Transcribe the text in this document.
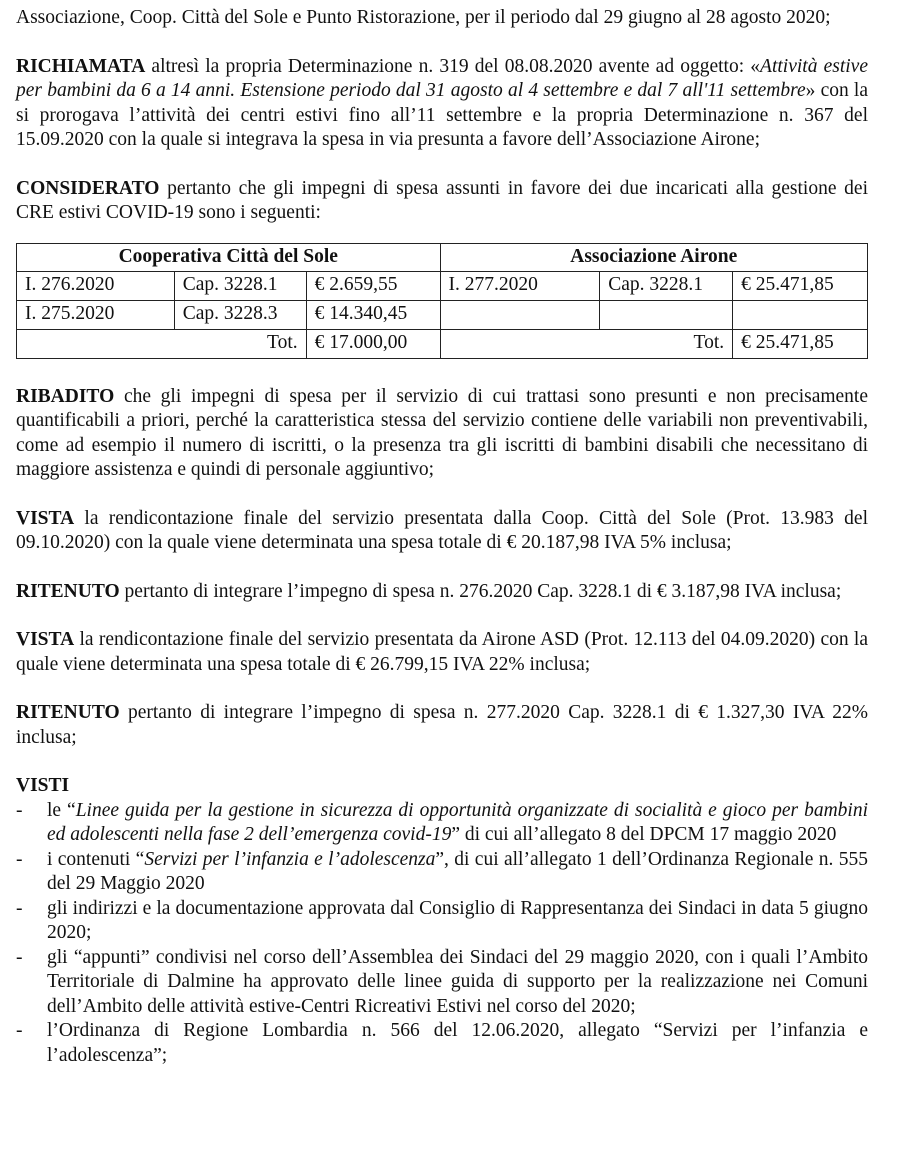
Associazione, Coop. Città del Sole e Punto Ristorazione, per il periodo dal 29 giugno al 28 agosto 2020;

RICHIAMATA altresì la propria Determinazione n. 319 del 08.08.2020 avente ad oggetto: «Attività estive per bambini da 6 a 14 anni. Estensione periodo dal 31 agosto al 4 settembre e dal 7 all'11 settembre» con la si prorogava l’attività dei centri estivi fino all’11 settembre e la propria Determinazione n. 367 del 15.09.2020 con la quale si integrava la spesa in via presunta a favore dell’Associazione Airone;

CONSIDERATO pertanto che gli impegni di spesa assunti in favore dei due incaricati alla gestione dei CRE estivi COVID-19 sono i seguenti:

Cooperativa Città del Sole			Associazione Airone		
I. 276.2020	Cap. 3228.1	€ 2.659,55	I. 277.2020	Cap. 3228.1	€ 25.471,85
I. 275.2020	Cap. 3228.3	€ 14.340,45			
Tot.		€ 17.000,00	Tot.		€ 25.471,85

RIBADITO che gli impegni di spesa per il servizio di cui trattasi sono presunti e non precisamente quantificabili a priori, perché la caratteristica stessa del servizio contiene delle variabili non preventivabili, come ad esempio il numero di iscritti, o la presenza tra gli iscritti di bambini disabili che necessitano di maggiore assistenza e quindi di personale aggiuntivo;

VISTA la rendicontazione finale del servizio presentata dalla Coop. Città del Sole (Prot. 13.983 del 09.10.2020) con la quale viene determinata una spesa totale di € 20.187,98 IVA 5% inclusa;

RITENUTO pertanto di integrare l’impegno di spesa n. 276.2020 Cap. 3228.1 di € 3.187,98 IVA inclusa;

VISTA la rendicontazione finale del servizio presentata da Airone ASD (Prot. 12.113 del 04.09.2020) con la quale viene determinata una spesa totale di € 26.799,15 IVA 22% inclusa;

RITENUTO pertanto di integrare l’impegno di spesa n. 277.2020 Cap. 3228.1 di € 1.327,30 IVA 22% inclusa;

VISTI

- le “Linee guida per la gestione in sicurezza di opportunità organizzate di socialità e gioco per bambini ed adolescenti nella fase 2 dell’emergenza covid-19” di cui all’allegato 8 del DPCM 17 maggio 2020
- i contenuti “Servizi per l’infanzia e l’adolescenza”, di cui all’allegato 1 dell’Ordinanza Regionale n. 555 del 29 Maggio 2020
- gli indirizzi e la documentazione approvata dal Consiglio di Rappresentanza dei Sindaci in data 5 giugno 2020;
- gli “appunti” condivisi nel corso dell’Assemblea dei Sindaci del 29 maggio 2020, con i quali l’Ambito Territoriale di Dalmine ha approvato delle linee guida di supporto per la realizzazione nei Comuni dell’Ambito delle attività estive-Centri Ricreativi Estivi nel corso del 2020;
- l’Ordinanza di Regione Lombardia n. 566 del 12.06.2020, allegato “Servizi per l’infanzia e l’adolescenza”;
